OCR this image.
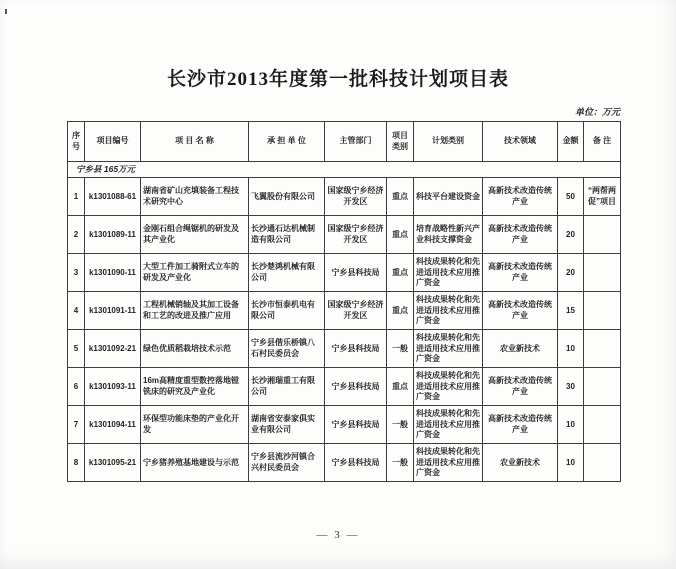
长沙市2013年度第一批科技计划项目表
单位：万元
序号	项目编号	项 目 名 称	承 担 单 位	主管部门	项目类别	计划类别	技术领域	金额	备 注
宁乡县 165万元									
1	k1301088-61	湖南省矿山充填装备工程技术研究中心	飞翼股份有限公司	国家级宁乡经济开发区	重点	科技平台建设资金	高新技术改造传统产业	50	“两帮两促”项目
2	k1301089-11	金刚石组合绳锯机的研发及其产业化	长沙通石达机械制造有限公司	国家级宁乡经济开发区	重点	培育战略性新兴产业科技支撑资金	高新技术改造传统产业	20	
3	k1301090-11	大型工件加工骑附式立车的研发及产业化	长沙楚鸿机械有限公司	宁乡县科技局	重点	科技成果转化和先进适用技术应用推广资金	高新技术改造传统产业	20	
4	k1301091-11	工程机械销轴及其加工设备和工艺的改进及推广应用	长沙市恒泰机电有限公司	国家级宁乡经济开发区	重点	科技成果转化和先进适用技术应用推广资金	高新技术改造传统产业	15	
5	k1301092-21	绿色优质稻栽培技术示范	宁乡县偕乐桥镇八石村民委员会	宁乡县科技局	一般	科技成果转化和先进适用技术应用推广资金	农业新技术	10	
6	k1301093-11	16m高精度重型数控落地镗铣床的研究及产业化	长沙湘瑞重工有限公司	宁乡县科技局	重点	科技成果转化和先进适用技术应用推广资金	高新技术改造传统产业	30	
7	k1301094-11	环保型功能床垫的产业化开发	湖南省安泰家俱实业有限公司	宁乡县科技局	一般	科技成果转化和先进适用技术应用推广资金	高新技术改造传统产业	10	
8	k1301095-21	宁乡猪养殖基地建设与示范	宁乡县流沙河镇合兴村民委员会	宁乡县科技局	一般	科技成果转化和先进适用技术应用推广资金	农业新技术	10	
— 3 —
